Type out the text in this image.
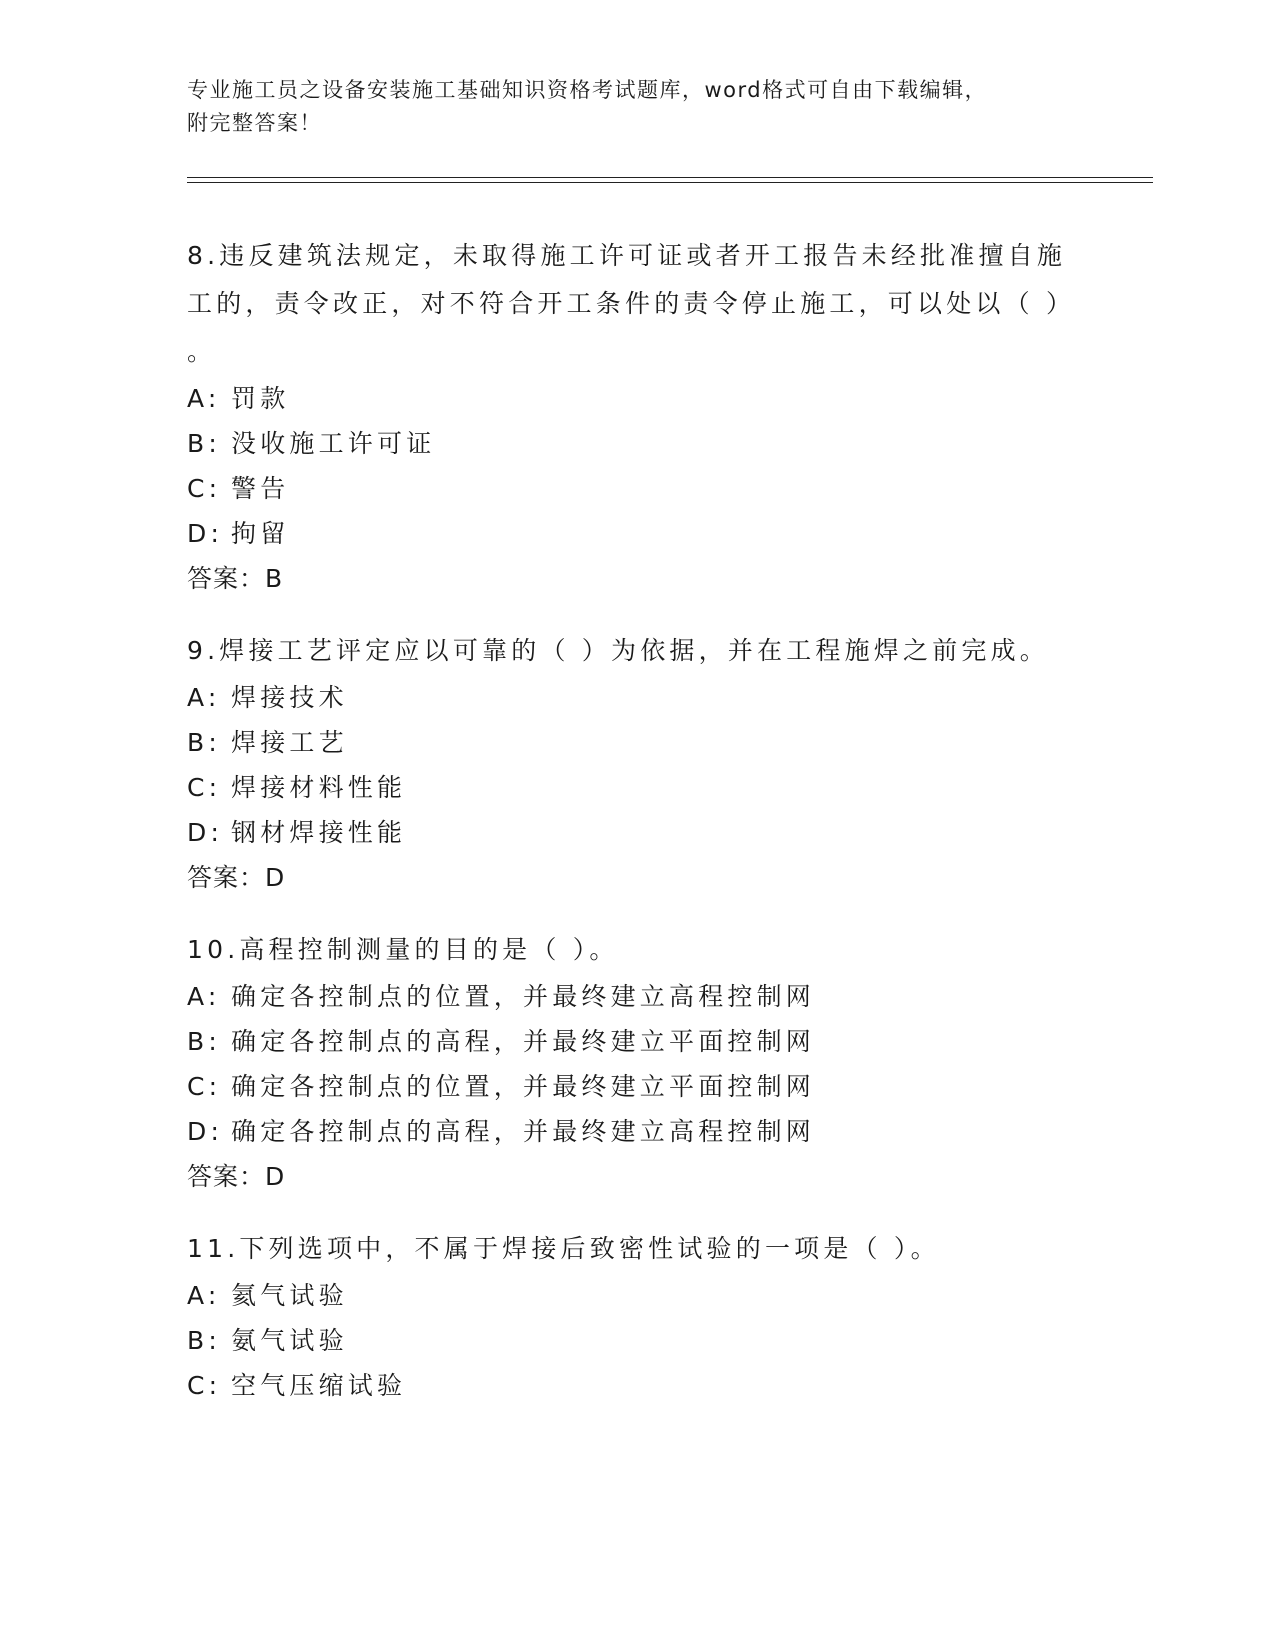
专业施工员之设备安装施工基础知识资格考试题库，word格式可自由下载编辑，
附完整答案！
8.违反建筑法规定，未取得施工许可证或者开工报告未经批准擅自施
工的，责令改正，对不符合开工条件的责令停止施工，可以处以（ ）
。
A: 罚款
B: 没收施工许可证
C: 警告
D: 拘留
答案：B
9.焊接工艺评定应以可靠的（ ）为依据，并在工程施焊之前完成。
A: 焊接技术
B: 焊接工艺
C: 焊接材料性能
D: 钢材焊接性能
答案：D
10.高程控制测量的目的是（ ）。
A: 确定各控制点的位置，并最终建立高程控制网
B: 确定各控制点的高程，并最终建立平面控制网
C: 确定各控制点的位置，并最终建立平面控制网
D: 确定各控制点的高程，并最终建立高程控制网
答案：D
11.下列选项中，不属于焊接后致密性试验的一项是（ ）。
A: 氦气试验
B: 氨气试验
C: 空气压缩试验
